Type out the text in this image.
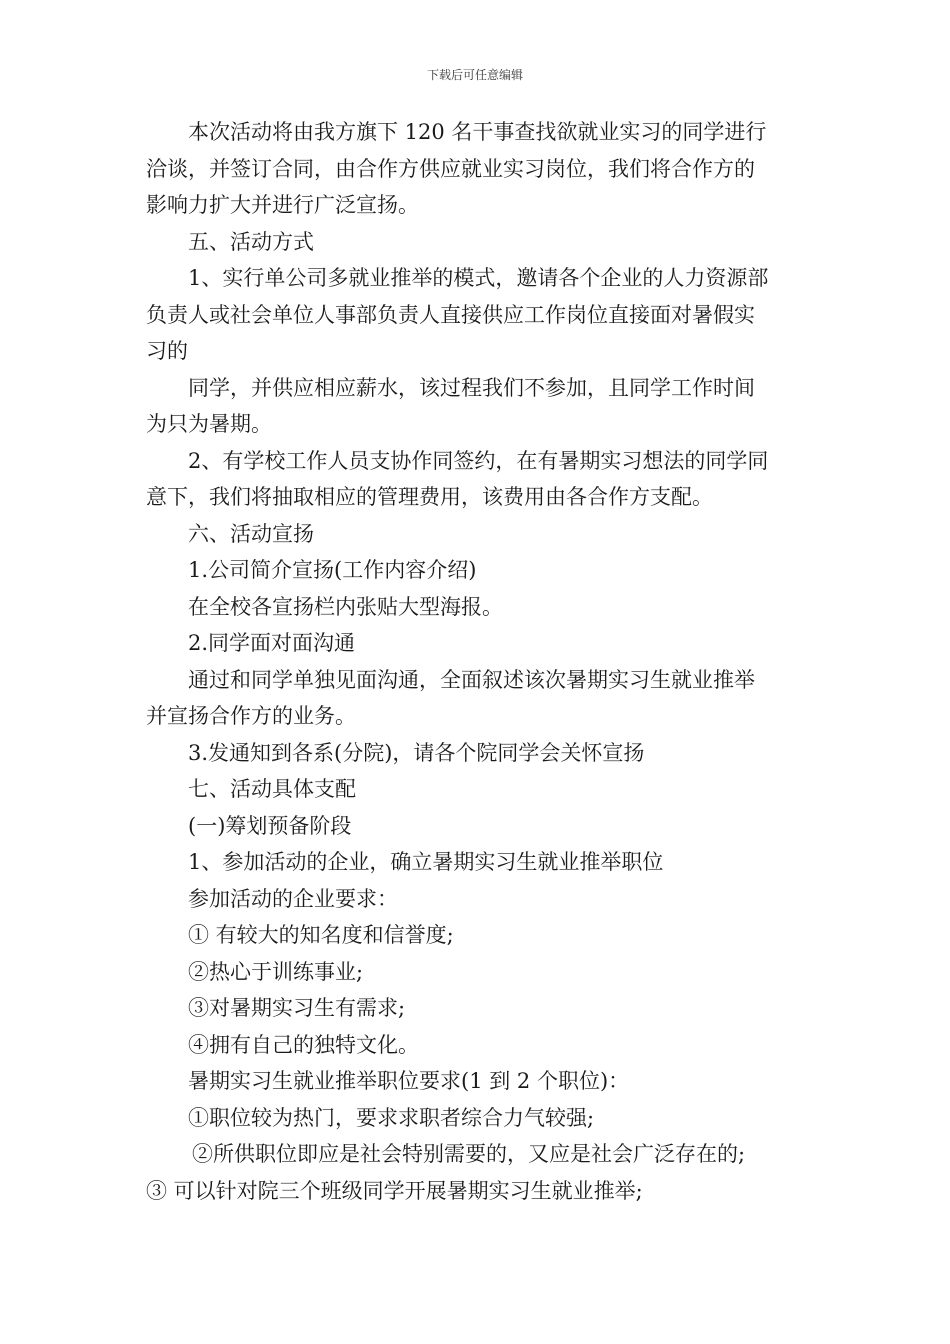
下载后可任意编辑

本次活动将由我方旗下 120 名干事查找欲就业实习的同学进行

洽谈，并签订合同，由合作方供应就业实习岗位，我们将合作方的

影响力扩大并进行广泛宣扬。

五、活动方式

1、实行单公司多就业推举的模式，邀请各个企业的人力资源部

负责人或社会单位人事部负责人直接供应工作岗位直接面对暑假实

习的

同学，并供应相应薪水，该过程我们不参加，且同学工作时间

为只为暑期。

2、有学校工作人员支协作同签约，在有暑期实习想法的同学同

意下，我们将抽取相应的管理费用，该费用由各合作方支配。

六、活动宣扬

1.公司简介宣扬(工作内容介绍)

在全校各宣扬栏内张贴大型海报。

2.同学面对面沟通

通过和同学单独见面沟通，全面叙述该次暑期实习生就业推举

并宣扬合作方的业务。

3.发通知到各系(分院)，请各个院同学会关怀宣扬

七、活动具体支配

(一)筹划预备阶段

1、参加活动的企业，确立暑期实习生就业推举职位

参加活动的企业要求：

① 有较大的知名度和信誉度;

②热心于训练事业;

③对暑期实习生有需求;

④拥有自己的独特文化。

暑期实习生就业推举职位要求(1 到 2 个职位)：

①职位较为热门，要求求职者综合力气较强;

②所供职位即应是社会特别需要的，又应是社会广泛存在的;

③ 可以针对院三个班级同学开展暑期实习生就业推举;
